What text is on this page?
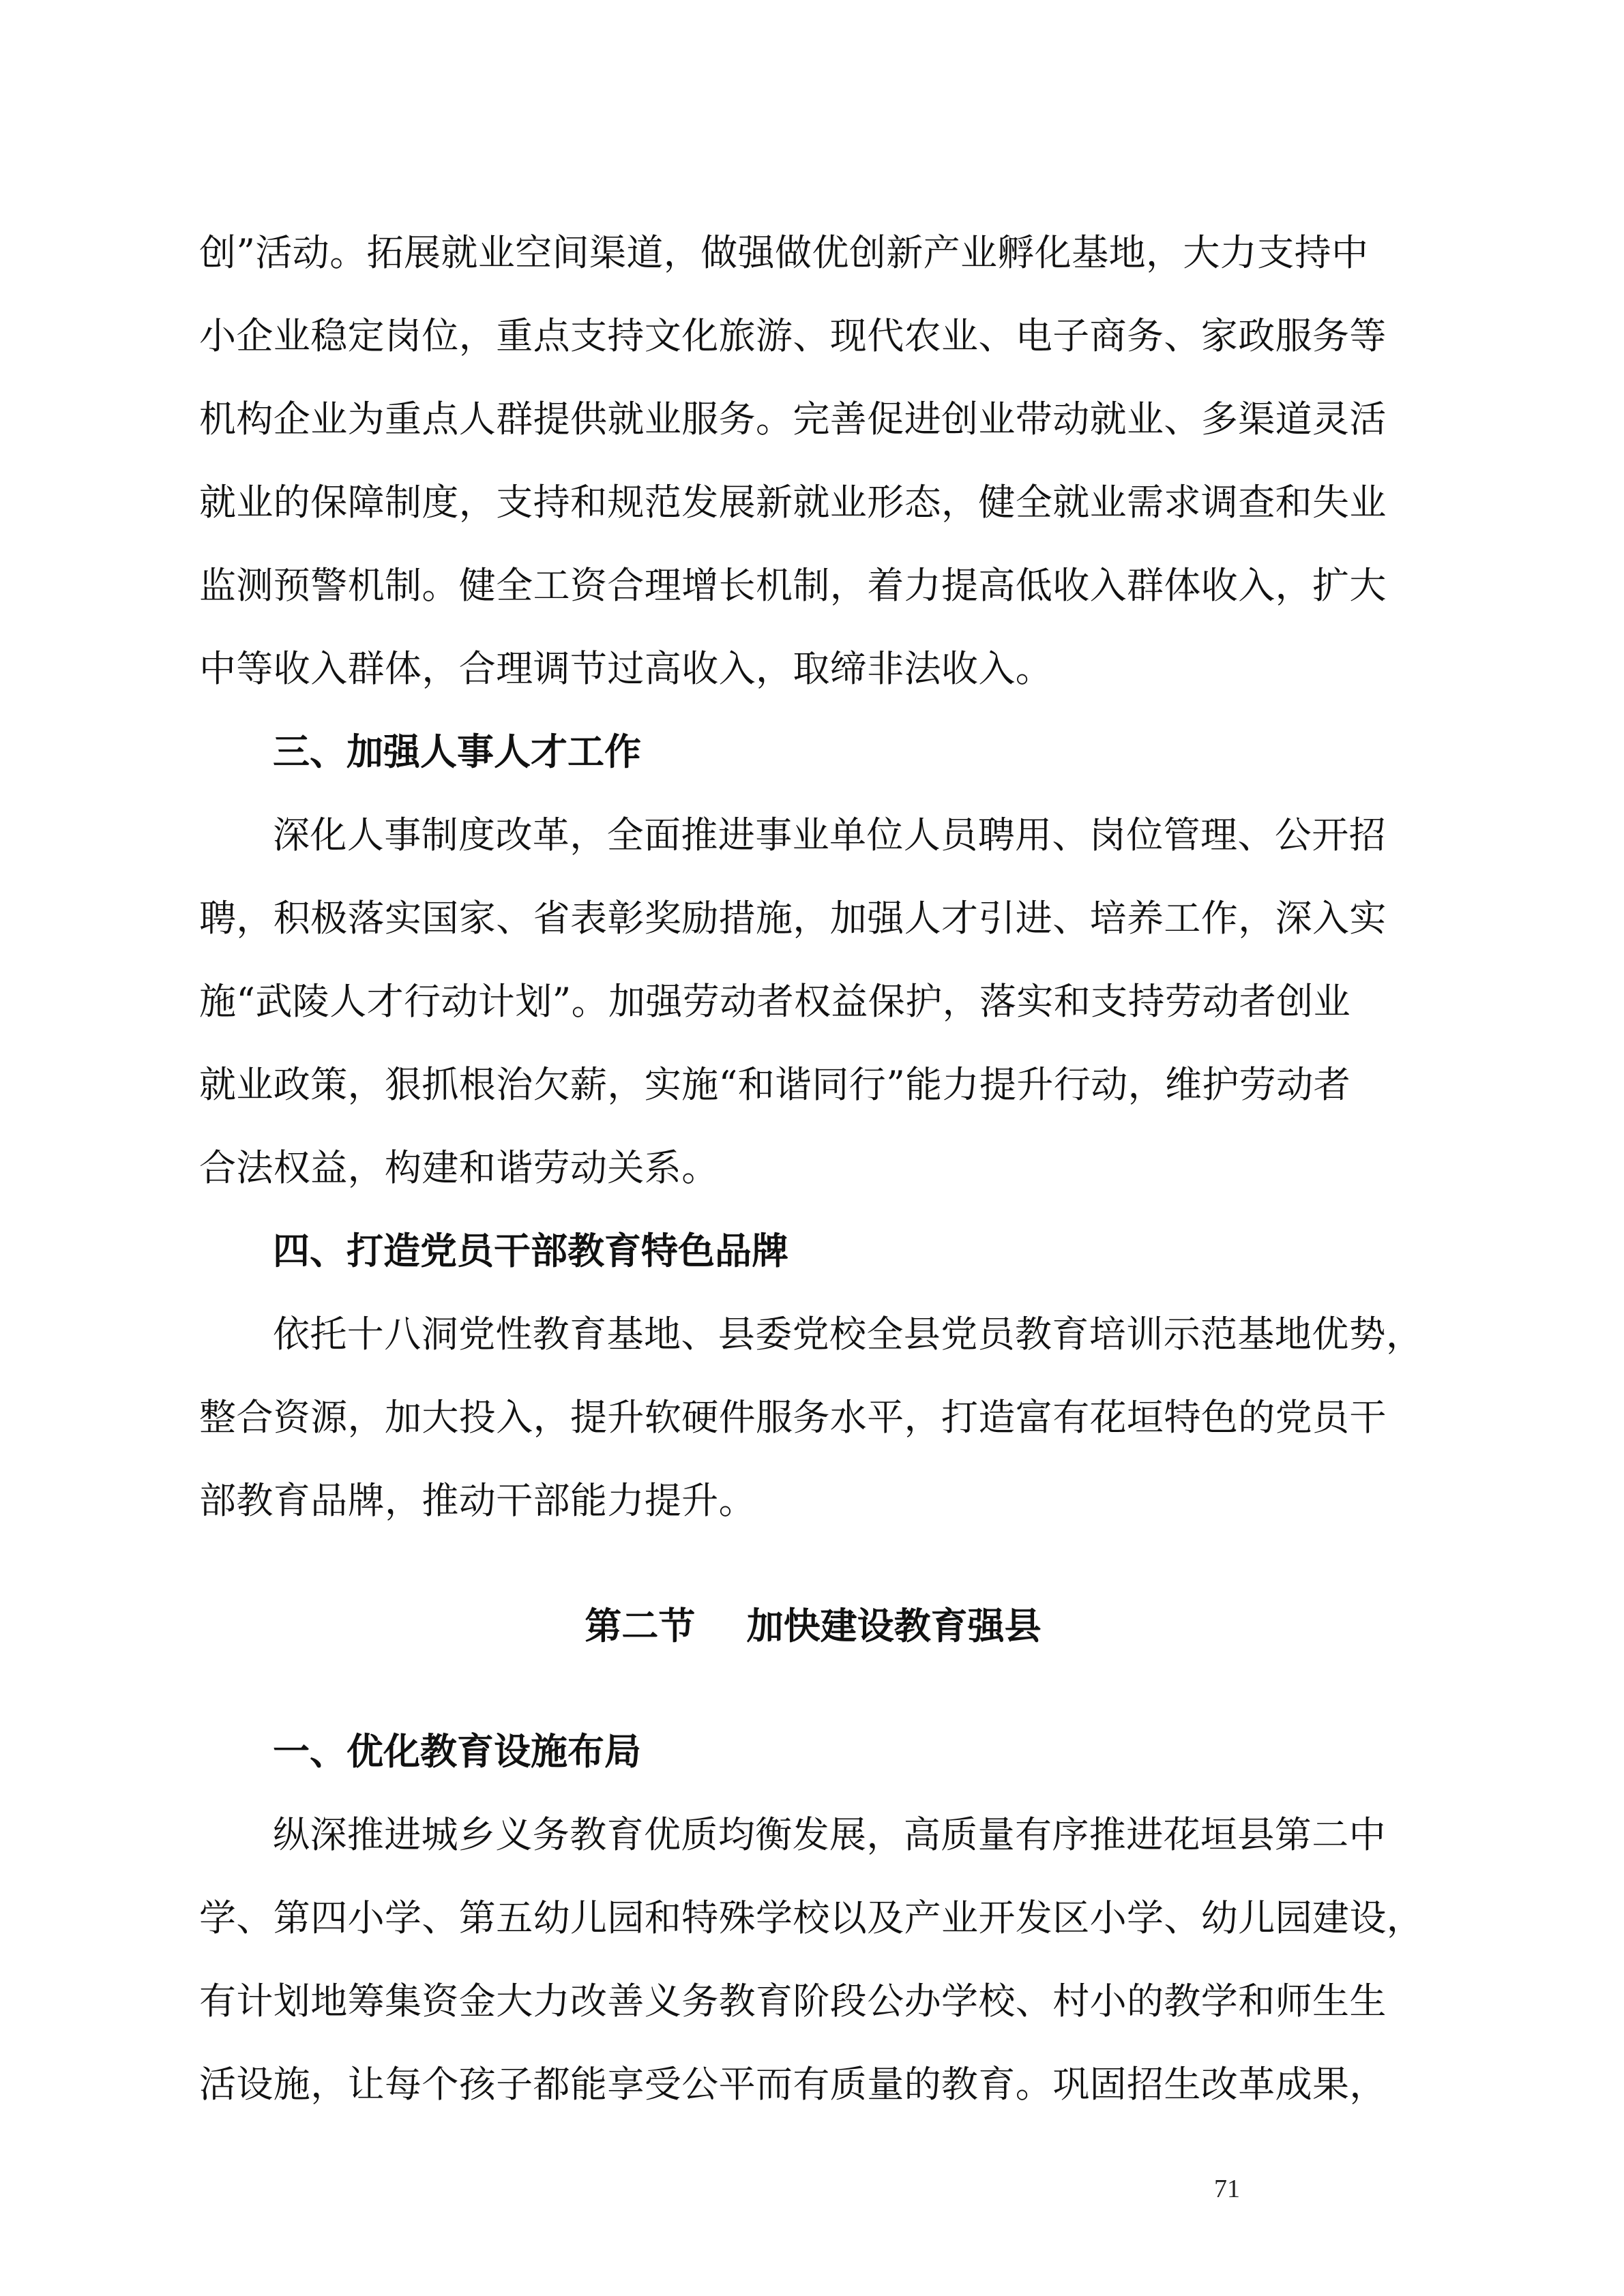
创”活动。拓展就业空间渠道，做强做优创新产业孵化基地，大力支持中
小企业稳定岗位，重点支持文化旅游、现代农业、电子商务、家政服务等
机构企业为重点人群提供就业服务。完善促进创业带动就业、多渠道灵活
就业的保障制度，支持和规范发展新就业形态，健全就业需求调查和失业
监测预警机制。健全工资合理增长机制，着力提高低收入群体收入，扩大
中等收入群体，合理调节过高收入，取缔非法收入。
三、加强人事人才工作
深化人事制度改革，全面推进事业单位人员聘用、岗位管理、公开招
聘，积极落实国家、省表彰奖励措施，加强人才引进、培养工作，深入实
施“武陵人才行动计划”。加强劳动者权益保护，落实和支持劳动者创业
就业政策，狠抓根治欠薪，实施“和谐同行”能力提升行动，维护劳动者
合法权益，构建和谐劳动关系。
四、打造党员干部教育特色品牌
依托十八洞党性教育基地、县委党校全县党员教育培训示范基地优势，
整合资源，加大投入，提升软硬件服务水平，打造富有花垣特色的党员干
部教育品牌，推动干部能力提升。
第二节    加快建设教育强县
一、优化教育设施布局
纵深推进城乡义务教育优质均衡发展，高质量有序推进花垣县第二中
学、第四小学、第五幼儿园和特殊学校以及产业开发区小学、幼儿园建设，
有计划地筹集资金大力改善义务教育阶段公办学校、村小的教学和师生生
活设施，让每个孩子都能享受公平而有质量的教育。巩固招生改革成果，
71
